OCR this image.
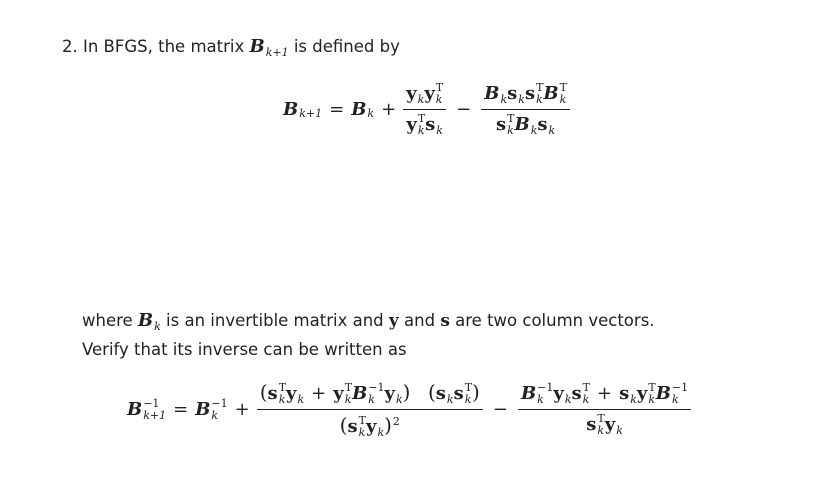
2. In BFGS, the matrix $B_{k+1}$ is defined by

B k+1 = B $k + y_ky$ T
k
y T
k $s_k - B_ks_ks$ T
k B T
k
s T
k $B_ks_k$

where $B_k$ is an invertible matrix and y and s are two column vectors.

Verify that its inverse can be written as

B −1
k+1 = B −1
k + (s T
k $y_k + y$ T
k B −1
k $y_k$) ($s_ks$ T
k )
(s T
k $y_k)^2 - B -1$
k $y_ks$ T
$k + s_ky$ T
k B −1
k
s T
k $y_k$
